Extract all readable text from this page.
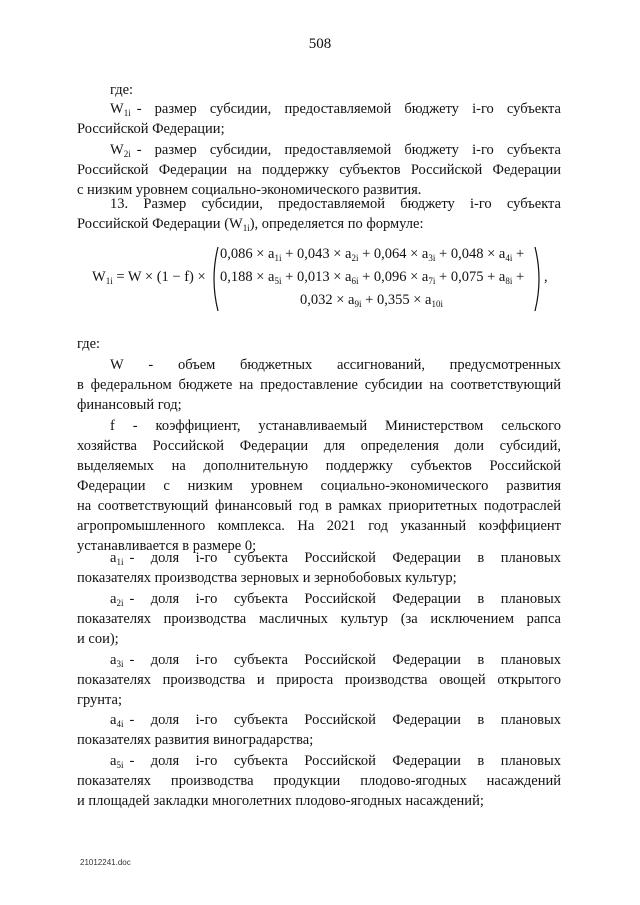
508
где:
$W_{1i}$ - размер субсидии, предоставляемой бюджету i-го субъекта
Российской Федерации;
$W_{2i}$ - размер субсидии, предоставляемой бюджету i-го субъекта
Российской Федерации на поддержку субъектов Российской Федерации
с низким уровнем социально-экономического развития.
13. Размер субсидии, предоставляемой бюджету i-го субъекта
Российской Федерации $(W_{1i})$, определяется по формуле:
$W_{1i} = W \times (1 - f)$ ×
$0,086 \times a_{1i} + 0,043 \times a_{2i} + 0,064 \times a_{3i} + 0,048 \times a_{4i}$ +
$0,188 \times a_{5i} + 0,013 \times a_{6i} + 0,096 \times a_{7i} + 0,075 + a_{8i}$ +
$0,032 \times a_{9i} + 0,355 \times a_{10i}$
,
где:
W - объем бюджетных ассигнований, предусмотренных
в федеральном бюджете на предоставление субсидии на соответствующий
финансовый год;
f - коэффициент, устанавливаемый Министерством сельского
хозяйства Российской Федерации для определения доли субсидий,
выделяемых на дополнительную поддержку субъектов Российской
Федерации с низким уровнем социально-экономического развития
на соответствующий финансовый год в рамках приоритетных подотраслей
агропромышленного комплекса. На 2021 год указанный коэффициент
устанавливается в размере 0;
$a_{1i}$ - доля i-го субъекта Российской Федерации в плановых
показателях производства зерновых и зернобобовых культур;
$a_{2i}$ - доля i-го субъекта Российской Федерации в плановых
показателях производства масличных культур (за исключением рапса
и сои);
$a_{3i}$ - доля i-го субъекта Российской Федерации в плановых
показателях производства и прироста производства овощей открытого
грунта;
$a_{4i}$ - доля i-го субъекта Российской Федерации в плановых
показателях развития виноградарства;
$a_{5i}$ - доля i-го субъекта Российской Федерации в плановых
показателях производства продукции плодово-ягодных насаждений
и площадей закладки многолетних плодово-ягодных насаждений;
21012241.doc
